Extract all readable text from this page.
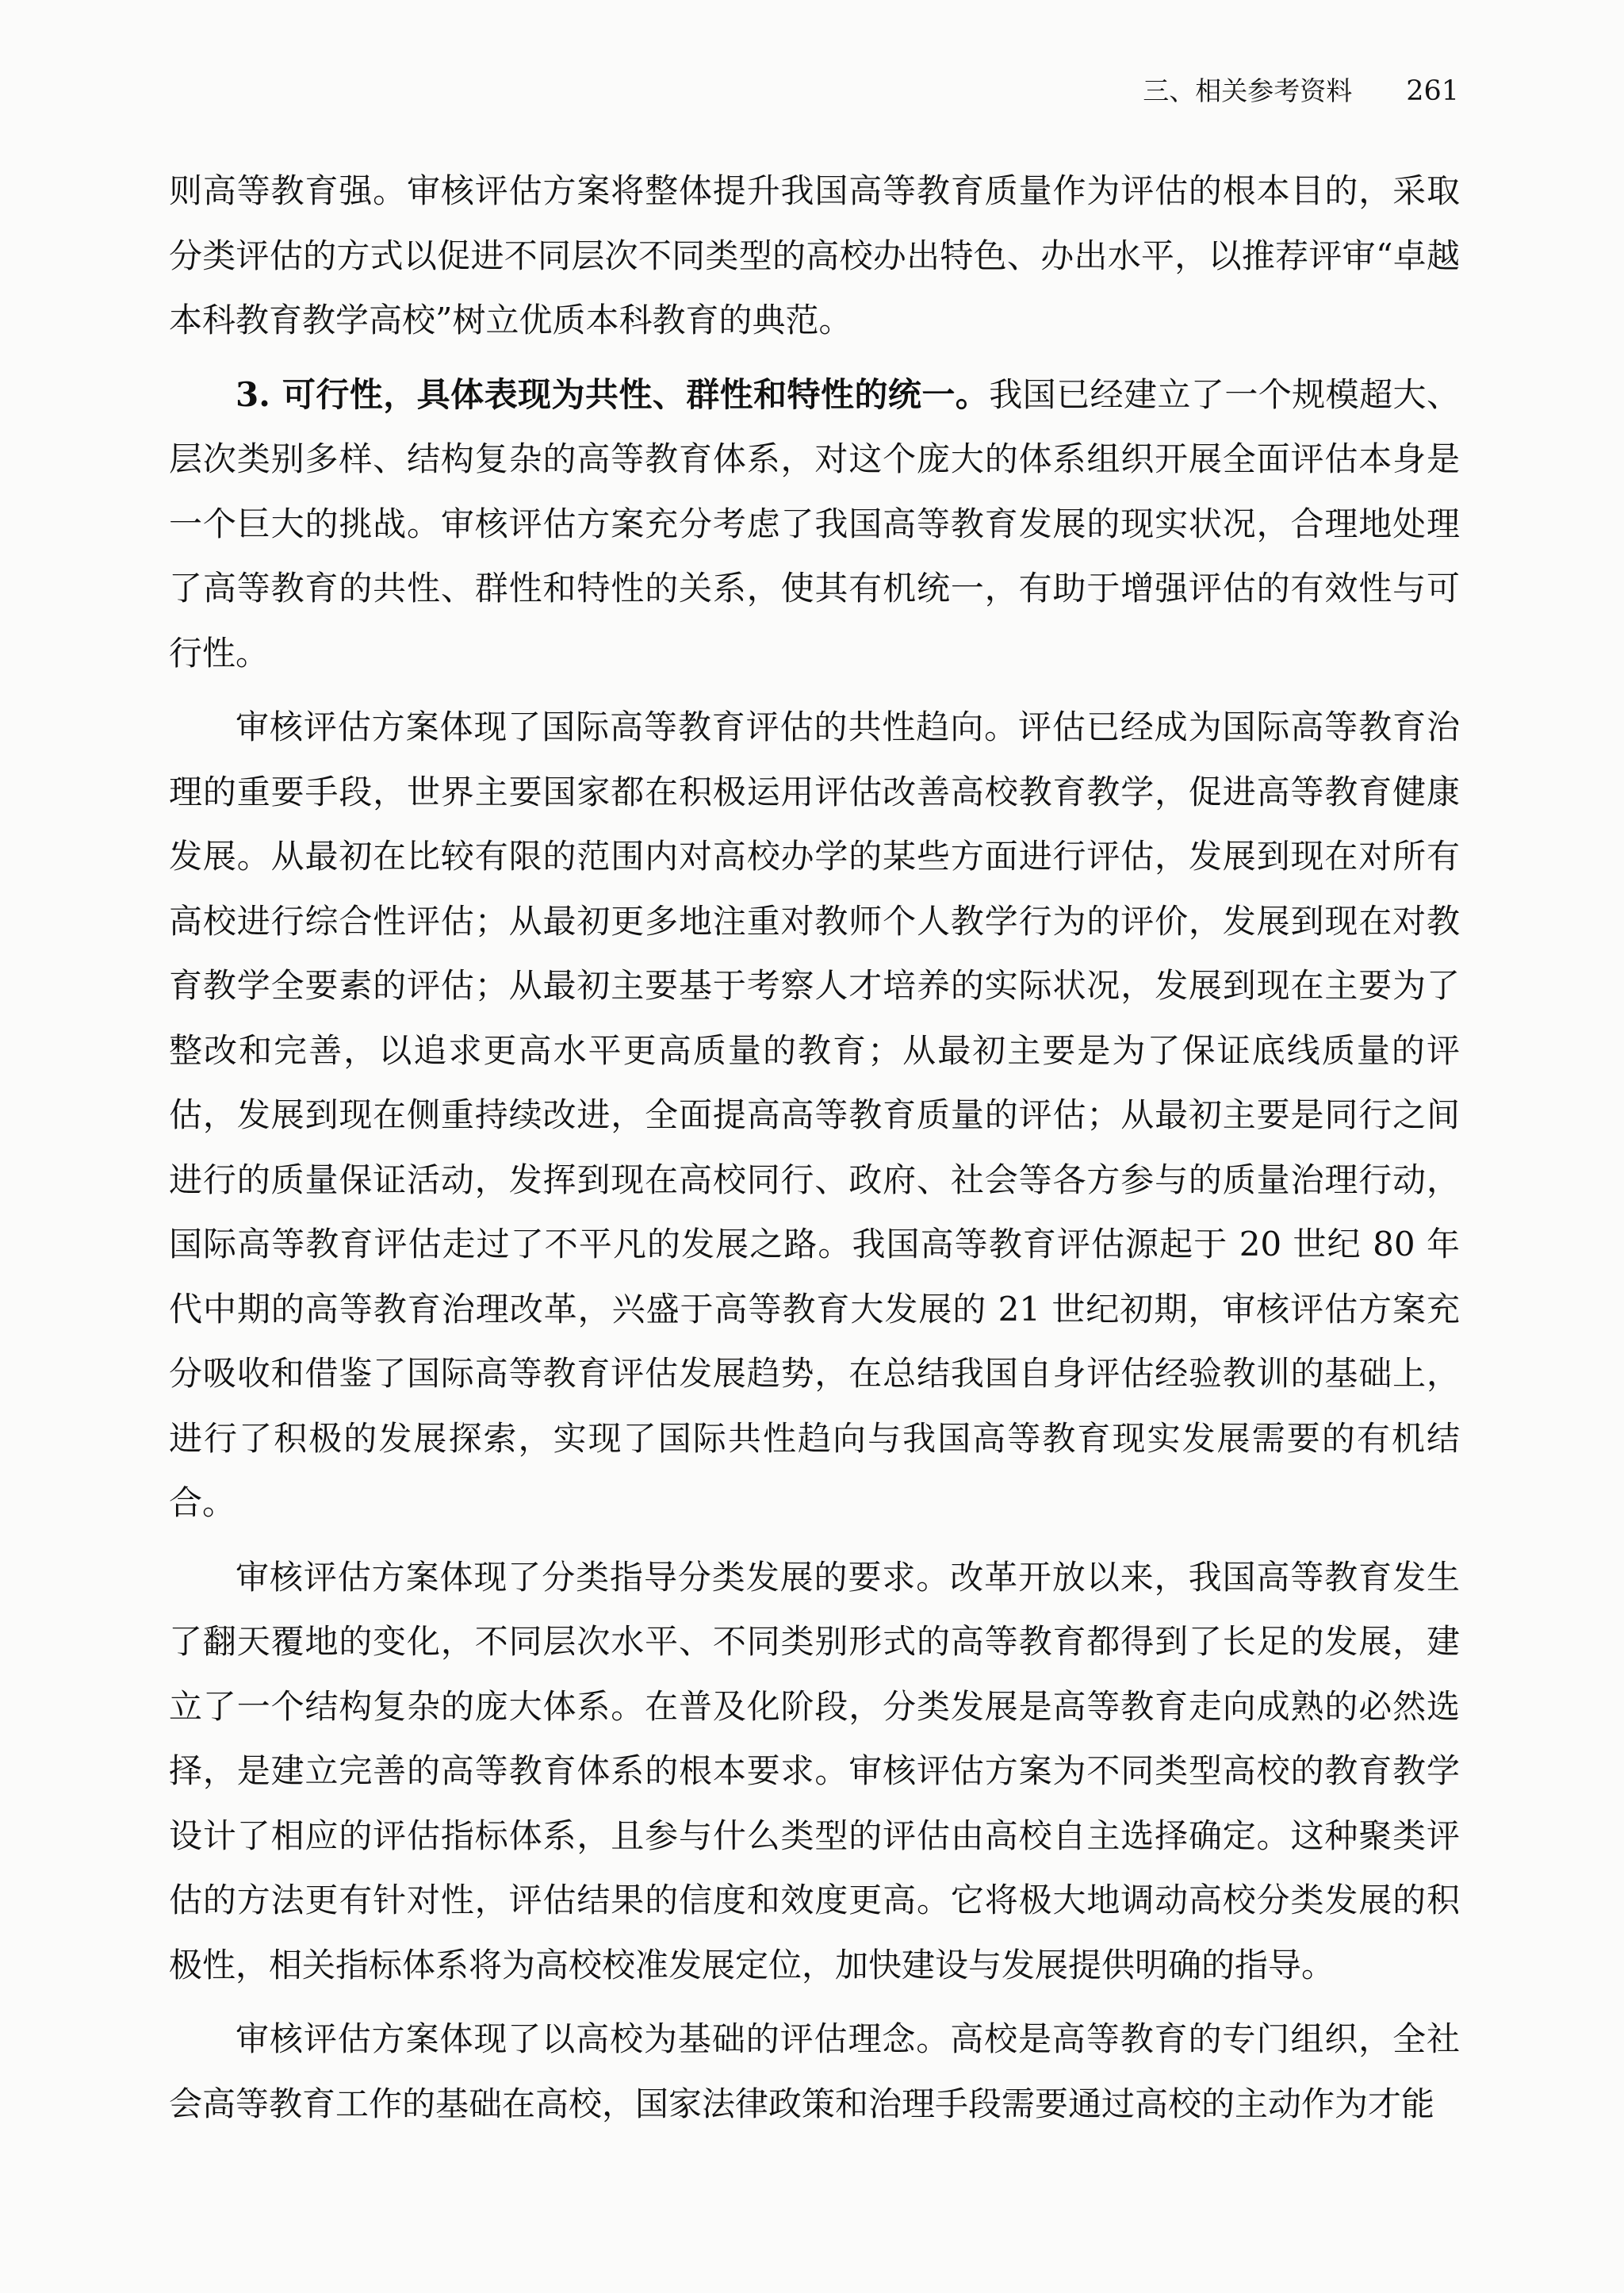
三、相关参考资料 261

则高等教育强。审核评估方案将整体提升我国高等教育质量作为评估的根本目的，采取分类评估的方式以促进不同层次不同类型的高校办出特色、办出水平，以推荐评审“卓越本科教育教学高校”树立优质本科教育的典范。

3. 可行性，具体表现为共性、群性和特性的统一。我国已经建立了一个规模超大、层次类别多样、结构复杂的高等教育体系，对这个庞大的体系组织开展全面评估本身是一个巨大的挑战。审核评估方案充分考虑了我国高等教育发展的现实状况，合理地处理了高等教育的共性、群性和特性的关系，使其有机统一，有助于增强评估的有效性与可行性。

审核评估方案体现了国际高等教育评估的共性趋向。评估已经成为国际高等教育治理的重要手段，世界主要国家都在积极运用评估改善高校教育教学，促进高等教育健康发展。从最初在比较有限的范围内对高校办学的某些方面进行评估，发展到现在对所有高校进行综合性评估；从最初更多地注重对教师个人教学行为的评价，发展到现在对教育教学全要素的评估；从最初主要基于考察人才培养的实际状况，发展到现在主要为了整改和完善，以追求更高水平更高质量的教育；从最初主要是为了保证底线质量的评估，发展到现在侧重持续改进，全面提高高等教育质量的评估；从最初主要是同行之间进行的质量保证活动，发挥到现在高校同行、政府、社会等各方参与的质量治理行动，国际高等教育评估走过了不平凡的发展之路。我国高等教育评估源起于 20 世纪 80 年代中期的高等教育治理改革，兴盛于高等教育大发展的 21 世纪初期，审核评估方案充分吸收和借鉴了国际高等教育评估发展趋势，在总结我国自身评估经验教训的基础上，进行了积极的发展探索，实现了国际共性趋向与我国高等教育现实发展需要的有机结合。

审核评估方案体现了分类指导分类发展的要求。改革开放以来，我国高等教育发生了翻天覆地的变化，不同层次水平、不同类别形式的高等教育都得到了长足的发展，建立了一个结构复杂的庞大体系。在普及化阶段，分类发展是高等教育走向成熟的必然选择，是建立完善的高等教育体系的根本要求。审核评估方案为不同类型高校的教育教学设计了相应的评估指标体系，且参与什么类型的评估由高校自主选择确定。这种聚类评估的方法更有针对性，评估结果的信度和效度更高。它将极大地调动高校分类发展的积极性，相关指标体系将为高校校准发展定位，加快建设与发展提供明确的指导。

审核评估方案体现了以高校为基础的评估理念。高校是高等教育的专门组织，全社会高等教育工作的基础在高校，国家法律政策和治理手段需要通过高校的主动作为才能
